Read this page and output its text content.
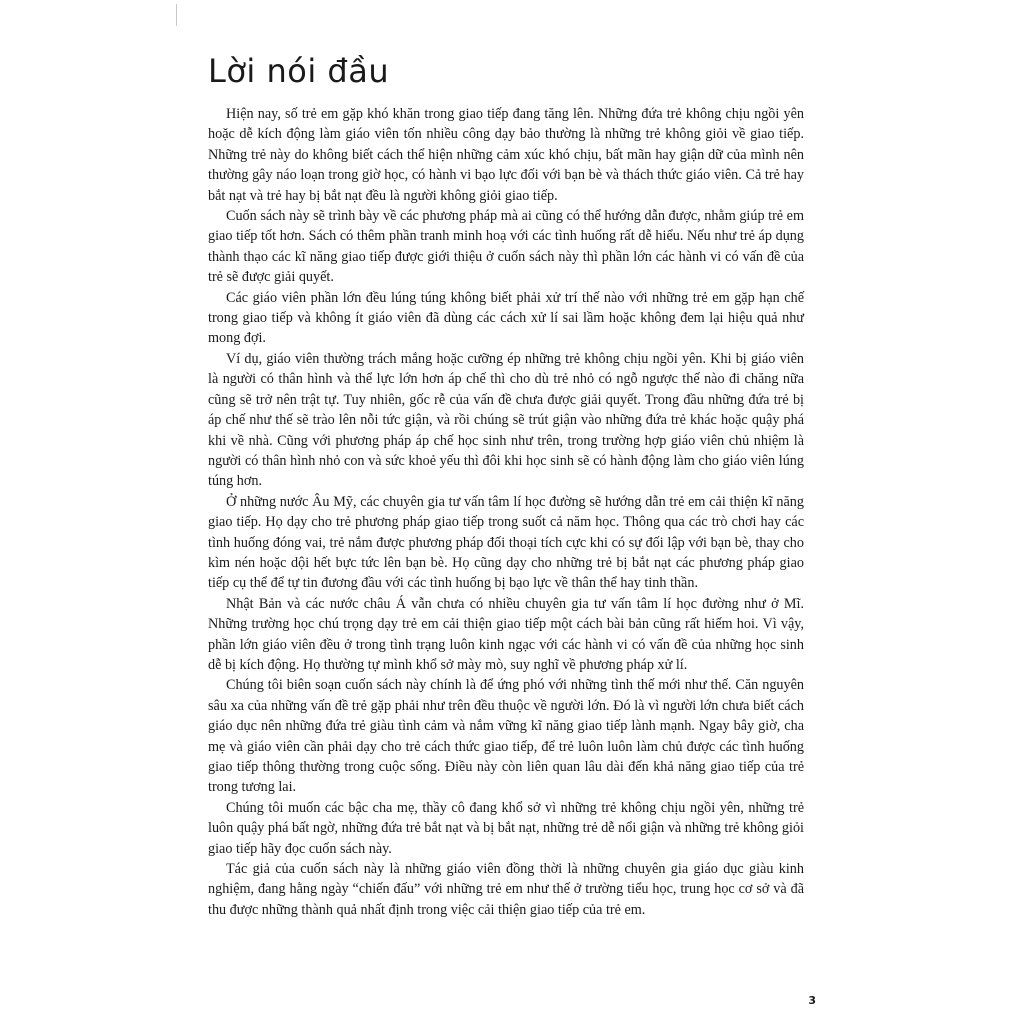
Lời nói đầu

Hiện nay, số trẻ em gặp khó khăn trong giao tiếp đang tăng lên. Những đứa trẻ không chịu ngồi yên hoặc dễ kích động làm giáo viên tốn nhiều công dạy bảo thường là những trẻ không giỏi về giao tiếp. Những trẻ này do không biết cách thể hiện những cảm xúc khó chịu, bất mãn hay giận dữ của mình nên thường gây náo loạn trong giờ học, có hành vi bạo lực đối với bạn bè và thách thức giáo viên. Cả trẻ hay bắt nạt và trẻ hay bị bắt nạt đều là người không giỏi giao tiếp.

Cuốn sách này sẽ trình bày về các phương pháp mà ai cũng có thể hướng dẫn được, nhằm giúp trẻ em giao tiếp tốt hơn. Sách có thêm phần tranh minh hoạ với các tình huống rất dễ hiểu. Nếu như trẻ áp dụng thành thạo các kĩ năng giao tiếp được giới thiệu ở cuốn sách này thì phần lớn các hành vi có vấn đề của trẻ sẽ được giải quyết.

Các giáo viên phần lớn đều lúng túng không biết phải xử trí thế nào với những trẻ em gặp hạn chế trong giao tiếp và không ít giáo viên đã dùng các cách xử lí sai lầm hoặc không đem lại hiệu quả như mong đợi.

Ví dụ, giáo viên thường trách mắng hoặc cưỡng ép những trẻ không chịu ngồi yên. Khi bị giáo viên là người có thân hình và thể lực lớn hơn áp chế thì cho dù trẻ nhỏ có ngỗ ngược thế nào đi chăng nữa cũng sẽ trở nên trật tự. Tuy nhiên, gốc rễ của vấn đề chưa được giải quyết. Trong đầu những đứa trẻ bị áp chế như thế sẽ trào lên nỗi tức giận, và rồi chúng sẽ trút giận vào những đứa trẻ khác hoặc quậy phá khi về nhà. Cũng với phương pháp áp chế học sinh như trên, trong trường hợp giáo viên chủ nhiệm là người có thân hình nhỏ con và sức khoẻ yếu thì đôi khi học sinh sẽ có hành động làm cho giáo viên lúng túng hơn.

Ở những nước Âu Mỹ, các chuyên gia tư vấn tâm lí học đường sẽ hướng dẫn trẻ em cải thiện kĩ năng giao tiếp. Họ dạy cho trẻ phương pháp giao tiếp trong suốt cả năm học. Thông qua các trò chơi hay các tình huống đóng vai, trẻ nắm được phương pháp đối thoại tích cực khi có sự đối lập với bạn bè, thay cho kìm nén hoặc dội hết bực tức lên bạn bè. Họ cũng dạy cho những trẻ bị bắt nạt các phương pháp giao tiếp cụ thể để tự tin đương đầu với các tình huống bị bạo lực về thân thể hay tinh thần.

Nhật Bản và các nước châu Á vẫn chưa có nhiều chuyên gia tư vấn tâm lí học đường như ở Mĩ. Những trường học chú trọng dạy trẻ em cải thiện giao tiếp một cách bài bản cũng rất hiếm hoi. Vì vậy, phần lớn giáo viên đều ở trong tình trạng luôn kinh ngạc với các hành vi có vấn đề của những học sinh dễ bị kích động. Họ thường tự mình khổ sở mày mò, suy nghĩ về phương pháp xử lí.

Chúng tôi biên soạn cuốn sách này chính là để ứng phó với những tình thế mới như thế. Căn nguyên sâu xa của những vấn đề trẻ gặp phải như trên đều thuộc về người lớn. Đó là vì người lớn chưa biết cách giáo dục nên những đứa trẻ giàu tình cảm và nắm vững kĩ năng giao tiếp lành mạnh. Ngay bây giờ, cha mẹ và giáo viên cần phải dạy cho trẻ cách thức giao tiếp, để trẻ luôn luôn làm chủ được các tình huống giao tiếp thông thường trong cuộc sống. Điều này còn liên quan lâu dài đến khả năng giao tiếp của trẻ trong tương lai.

Chúng tôi muốn các bậc cha mẹ, thầy cô đang khổ sở vì những trẻ không chịu ngồi yên, những trẻ luôn quậy phá bất ngờ, những đứa trẻ bắt nạt và bị bắt nạt, những trẻ dễ nổi giận và những trẻ không giỏi giao tiếp hãy đọc cuốn sách này.

Tác giả của cuốn sách này là những giáo viên đồng thời là những chuyên gia giáo dục giàu kinh nghiệm, đang hằng ngày “chiến đấu” với những trẻ em như thế ở trường tiểu học, trung học cơ sở và đã thu được những thành quả nhất định trong việc cải thiện giao tiếp của trẻ em.

3
